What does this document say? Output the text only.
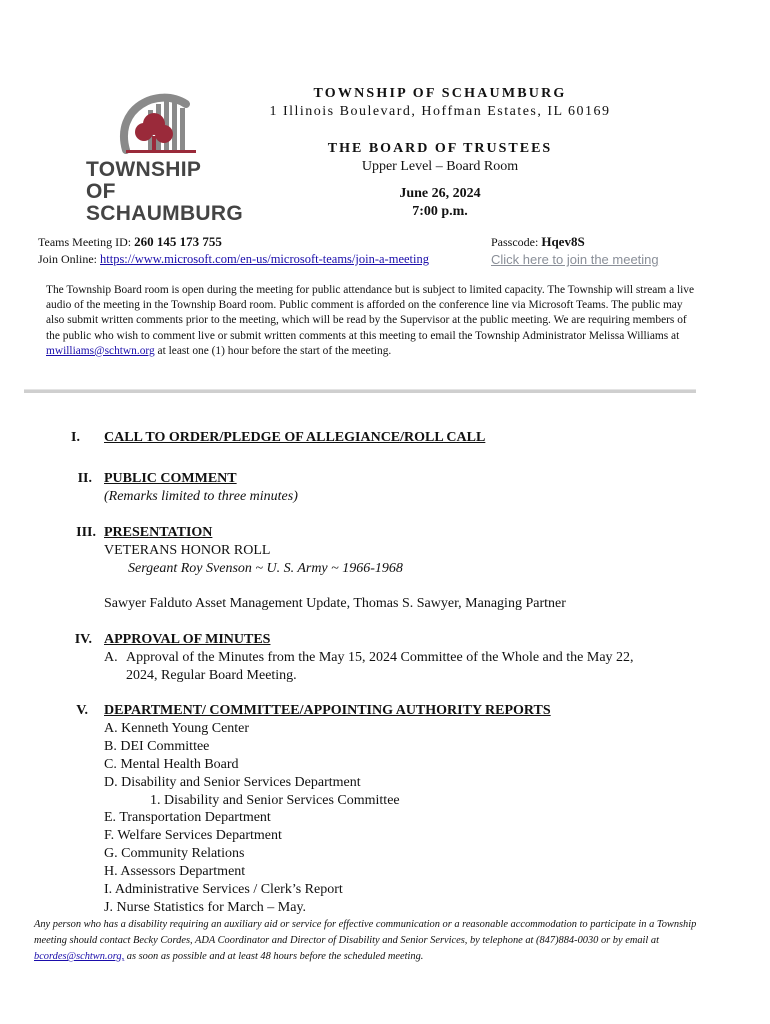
TOWNSHIP OF
SCHAUMBURG
TOWNSHIP OF SCHAUMBURG
1 Illinois Boulevard, Hoffman Estates, IL 60169
THE BOARD OF TRUSTEES
Upper Level – Board Room
June 26, 2024
7:00 p.m.
Teams Meeting ID: 260 145 173 755	Passcode: Hqev8S
Join Online: https://www.microsoft.com/en-us/microsoft-teams/join-a-meeting	Click here to join the meeting
The Township Board room is open during the meeting for public attendance but is subject to limited capacity. The Township will stream a live audio of the meeting in the Township Board room. Public comment is afforded on the conference line via Microsoft Teams. The public may also submit written comments prior to the meeting, which will be read by the Supervisor at the public meeting. We are requiring members of the public who wish to comment live or submit written comments at this meeting to email the Township Administrator Melissa Williams at mwilliams@schtwn.org at least one (1) hour before the start of the meeting.
I. CALL TO ORDER/PLEDGE OF ALLEGIANCE/ROLL CALL
II. PUBLIC COMMENT
(Remarks limited to three minutes)
III. PRESENTATION
VETERANS HONOR ROLL
Sergeant Roy Svenson ~ U. S. Army ~ 1966-1968
Sawyer Falduto Asset Management Update, Thomas S. Sawyer, Managing Partner
IV. APPROVAL OF MINUTES
A. Approval of the Minutes from the May 15, 2024 Committee of the Whole and the May 22,
2024, Regular Board Meeting.
V. DEPARTMENT/ COMMITTEE/APPOINTING AUTHORITY REPORTS
A. Kenneth Young Center
B. DEI Committee
C. Mental Health Board
D. Disability and Senior Services Department
1. Disability and Senior Services Committee
E. Transportation Department
F. Welfare Services Department
G. Community Relations
H. Assessors Department
I. Administrative Services / Clerk’s Report
J. Nurse Statistics for March – May.
Any person who has a disability requiring an auxiliary aid or service for effective communication or a reasonable accommodation to participate in a Township meeting should contact Becky Cordes, ADA Coordinator and Director of Disability and Senior Services, by telephone at (847)884-0030 or by email at bcordes@schtwn.org, as soon as possible and at least 48 hours before the scheduled meeting.
